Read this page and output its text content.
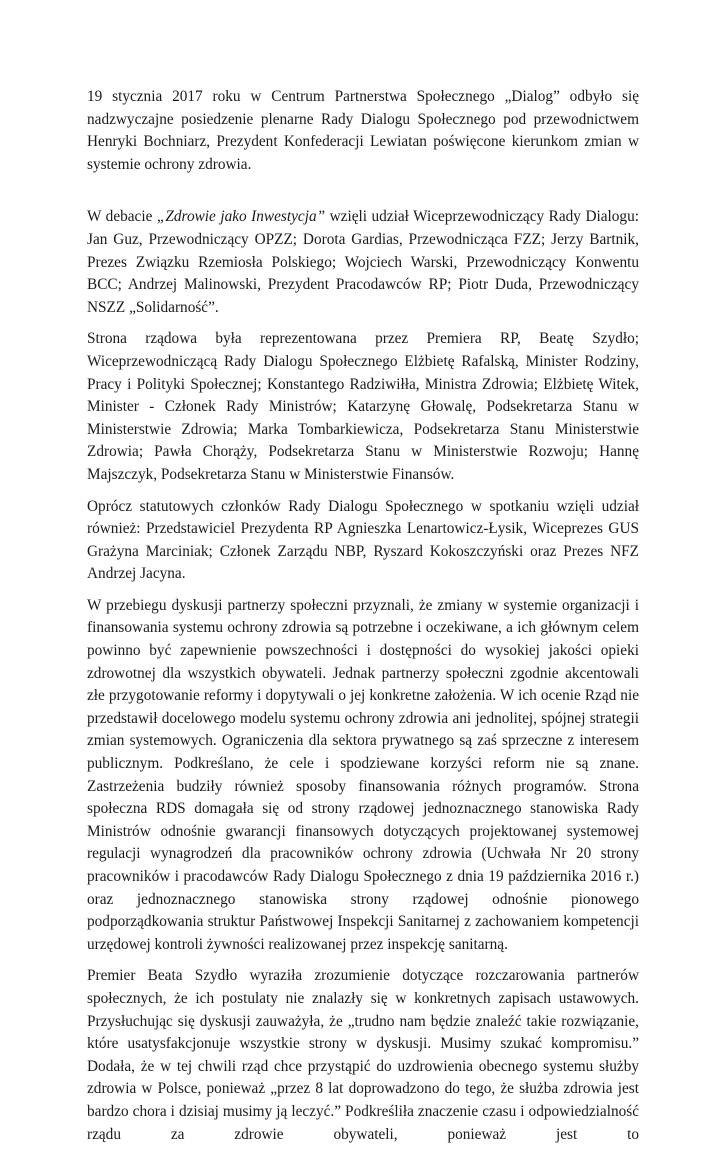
19 stycznia 2017 roku w Centrum Partnerstwa Społecznego „Dialog” odbyło się nadzwyczajne posiedzenie plenarne Rady Dialogu Społecznego pod przewodnictwem Henryki Bochniarz, Prezydent Konfederacji Lewiatan poświęcone kierunkom zmian w systemie ochrony zdrowia.

W debacie „Zdrowie jako Inwestycja” wzięli udział Wiceprzewodniczący Rady Dialogu: Jan Guz, Przewodniczący OPZZ; Dorota Gardias, Przewodnicząca FZZ; Jerzy Bartnik, Prezes Związku Rzemiosła Polskiego; Wojciech Warski, Przewodniczący Konwentu BCC; Andrzej Malinowski, Prezydent Pracodawców RP; Piotr Duda, Przewodniczący NSZZ „Solidarność”.

Strona rządowa była reprezentowana przez Premiera RP, Beatę Szydło; Wiceprzewodniczącą Rady Dialogu Społecznego Elżbietę Rafalską, Minister Rodziny, Pracy i Polityki Społecznej; Konstantego Radziwiłła, Ministra Zdrowia; Elżbietę Witek, Minister - Członek Rady Ministrów; Katarzynę Głowalę, Podsekretarza Stanu w Ministerstwie Zdrowia; Marka Tombarkiewicza, Podsekretarza Stanu Ministerstwie Zdrowia; Pawła Chorąży, Podsekretarza Stanu w Ministerstwie Rozwoju; Hannę Majszczyk, Podsekretarza Stanu w Ministerstwie Finansów.

Oprócz statutowych członków Rady Dialogu Społecznego w spotkaniu wzięli udział również: Przedstawiciel Prezydenta RP Agnieszka Lenartowicz-Łysik, Wiceprezes GUS Grażyna Marciniak; Członek Zarządu NBP, Ryszard Kokoszczyński oraz Prezes NFZ Andrzej Jacyna.

W przebiegu dyskusji partnerzy społeczni przyznali, że zmiany w systemie organizacji i finansowania systemu ochrony zdrowia są potrzebne i oczekiwane, a ich głównym celem powinno być zapewnienie powszechności i dostępności do wysokiej jakości opieki zdrowotnej dla wszystkich obywateli. Jednak partnerzy społeczni zgodnie akcentowali złe przygotowanie reformy i dopytywali o jej konkretne założenia. W ich ocenie Rząd nie przedstawił docelowego modelu systemu ochrony zdrowia ani jednolitej, spójnej strategii zmian systemowych. Ograniczenia dla sektora prywatnego są zaś sprzeczne z interesem publicznym. Podkreślano, że cele i spodziewane korzyści reform nie są znane. Zastrzeżenia budziły również sposoby finansowania różnych programów. Strona społeczna RDS domagała się od strony rządowej jednoznacznego stanowiska Rady Ministrów odnośnie gwarancji finansowych dotyczących projektowanej systemowej regulacji wynagrodzeń dla pracowników ochrony zdrowia (Uchwała Nr 20 strony pracowników i pracodawców Rady Dialogu Społecznego z dnia 19 października 2016 r.) oraz jednoznacznego stanowiska strony rządowej odnośnie pionowego podporządkowania struktur Państwowej Inspekcji Sanitarnej z zachowaniem kompetencji urzędowej kontroli żywności realizowanej przez inspekcję sanitarną.

Premier Beata Szydło wyraziła zrozumienie dotyczące rozczarowania partnerów społecznych, że ich postulaty nie znalazły się w konkretnych zapisach ustawowych. Przysłuchując się dyskusji zauważyła, że „trudno nam będzie znaleźć takie rozwiązanie, które usatysfakcjonuje wszystkie strony w dyskusji. Musimy szukać kompromisu.” Dodała, że w tej chwili rząd chce przystąpić do uzdrowienia obecnego systemu służby zdrowia w Polsce, ponieważ „przez 8 lat doprowadzono do tego, że służba zdrowia jest bardzo chora i dzisiaj musimy ją leczyć.” Podkreśliła znaczenie czasu i odpowiedzialność rządu za zdrowie obywateli, ponieważ jest to
